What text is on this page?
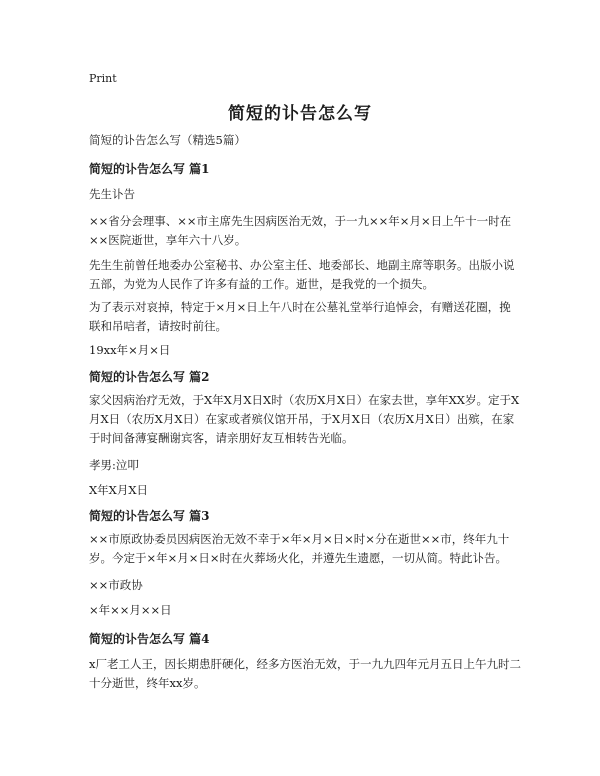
Print
简短的讣告怎么写
简短的讣告怎么写（精选5篇）
简短的讣告怎么写 篇1
先生讣告
××省分会理事、××市主席先生因病医治无效，于一九××年×月×日上午十一时在××医院逝世，享年六十八岁。
先生生前曾任地委办公室秘书、办公室主任、地委部长、地副主席等职务。出版小说五部，为党为人民作了许多有益的工作。逝世，是我党的一个损失。
为了表示对哀掉，特定于×月×日上午八时在公墓礼堂举行追悼会，有赠送花圈，挽联和吊唁者，请按时前往。
19xx年×月×日
简短的讣告怎么写 篇2
家父因病治疗无效，于X年X月X日X时（农历X月X日）在家去世，享年XX岁。定于X月X日（农历X月X日）在家或者殡仪馆开吊，于X月X日（农历X月X日）出殡，在家于时间备薄宴酬谢宾客，请亲朋好友互相转告光临。
孝男:泣叩
X年X月X日
简短的讣告怎么写 篇3
××市原政协委员因病医治无效不幸于×年×月×日×时×分在逝世××市，终年九十岁。今定于×年×月×日×时在火葬场火化，并遵先生遗愿，一切从简。特此讣告。
××市政协
×年××月××日
简短的讣告怎么写 篇4
x厂老工人王，因长期患肝硬化，经多方医治无效，于一九九四年元月五日上午九时二十分逝世，终年xx岁。
